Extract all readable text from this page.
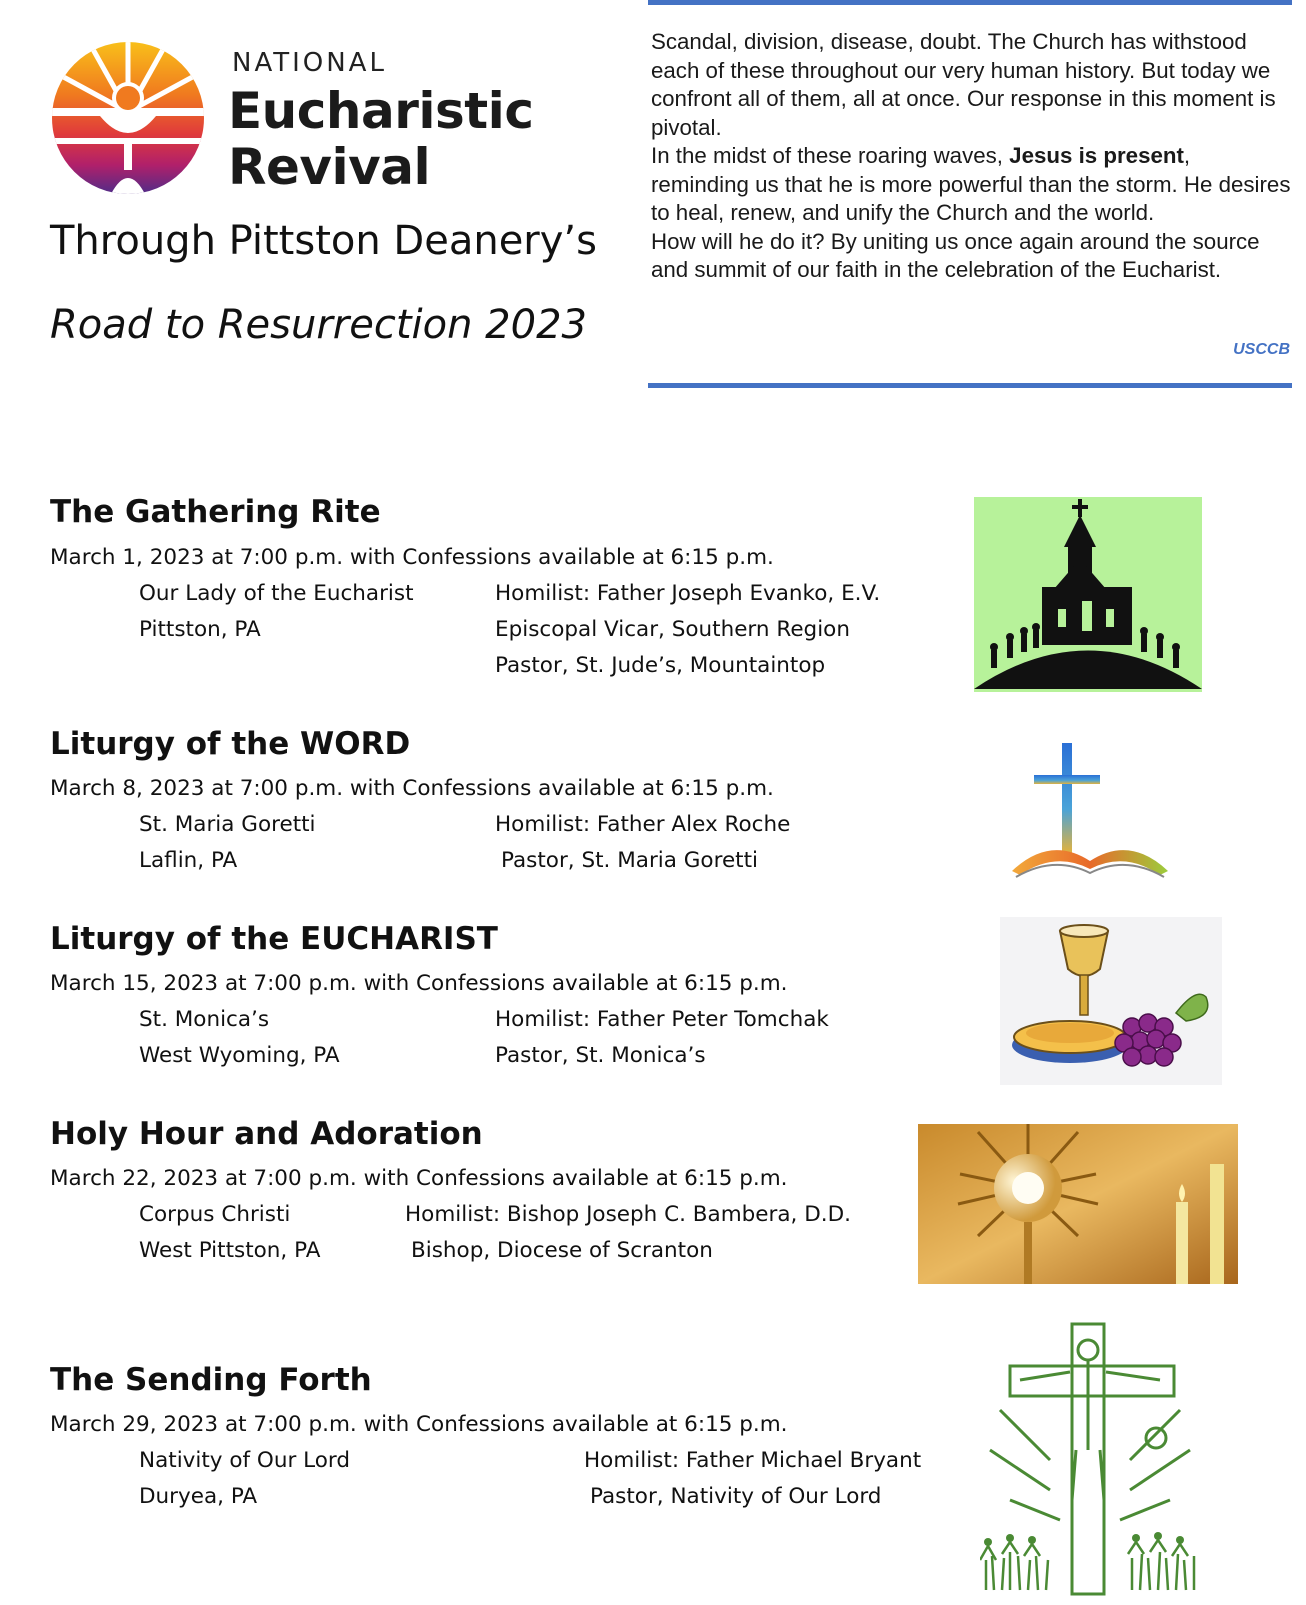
NATIONAL
Eucharistic
Revival
Through Pittston Deanery’s
Road to Resurrection 2023

Scandal, division, disease, doubt. The Church has withstood each of these throughout our very human history. But today we confront all of them, all at once. Our response in this moment is pivotal.

In the midst of these roaring waves, Jesus is present, reminding us that he is more powerful than the storm. He desires to heal, renew, and unify the Church and the world.

How will he do it? By uniting us once again around the source and summit of our faith in the celebration of the Eucharist.

USCCB
The Gathering Rite
March 1, 2023 at 7:00 p.m. with Confessions available at 6:15 p.m.
Our Lady of the Eucharist
Pittston, PA
Homilist: Father Joseph Evanko, E.V.
Episcopal Vicar, Southern Region
Pastor, St. Jude’s, Mountaintop
Liturgy of the WORD
March 8, 2023 at 7:00 p.m. with Confessions available at 6:15 p.m.
St. Maria Goretti
Laflin, PA
Homilist: Father Alex Roche
Pastor, St. Maria Goretti
Liturgy of the EUCHARIST
March 15, 2023 at 7:00 p.m. with Confessions available at 6:15 p.m.
St. Monica’s
West Wyoming, PA
Homilist: Father Peter Tomchak
Pastor, St. Monica’s
Holy Hour and Adoration
March 22, 2023 at 7:00 p.m. with Confessions available at 6:15 p.m.
Corpus Christi
West Pittston, PA
Homilist: Bishop Joseph C. Bambera, D.D.
Bishop, Diocese of Scranton
The Sending Forth
March 29, 2023 at 7:00 p.m. with Confessions available at 6:15 p.m.
Nativity of Our Lord
Duryea, PA
Homilist: Father Michael Bryant
Pastor, Nativity of Our Lord
